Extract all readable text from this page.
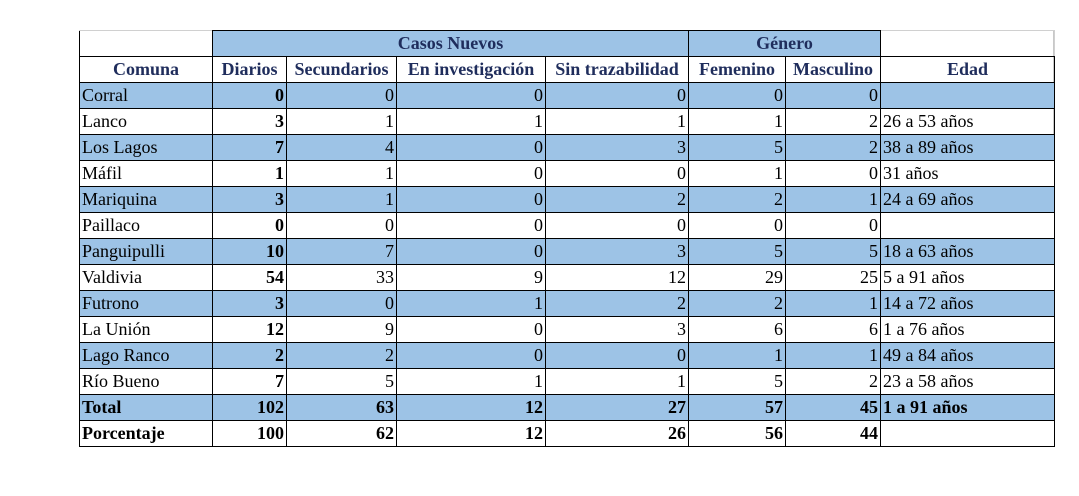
	Casos Nuevos				Género		
Comuna	Diarios	Secundarios	En investigación	Sin trazabilidad	Femenino	Masculino	Edad
Corral	0	0	0	0	0	0	
Lanco	3	1	1	1	1	2	26 a 53 años
Los Lagos	7	4	0	3	5	2	38 a 89 años
Máfil	1	1	0	0	1	0	31 años
Mariquina	3	1	0	2	2	1	24 a 69 años
Paillaco	0	0	0	0	0	0	
Panguipulli	10	7	0	3	5	5	18 a 63 años
Valdivia	54	33	9	12	29	25	5 a 91 años
Futrono	3	0	1	2	2	1	14 a 72 años
La Unión	12	9	0	3	6	6	1 a 76 años
Lago Ranco	2	2	0	0	1	1	49 a 84 años
Río Bueno	7	5	1	1	5	2	23 a 58 años
Total	102	63	12	27	57	45	1 a 91 años
Porcentaje	100	62	12	26	56	44	
